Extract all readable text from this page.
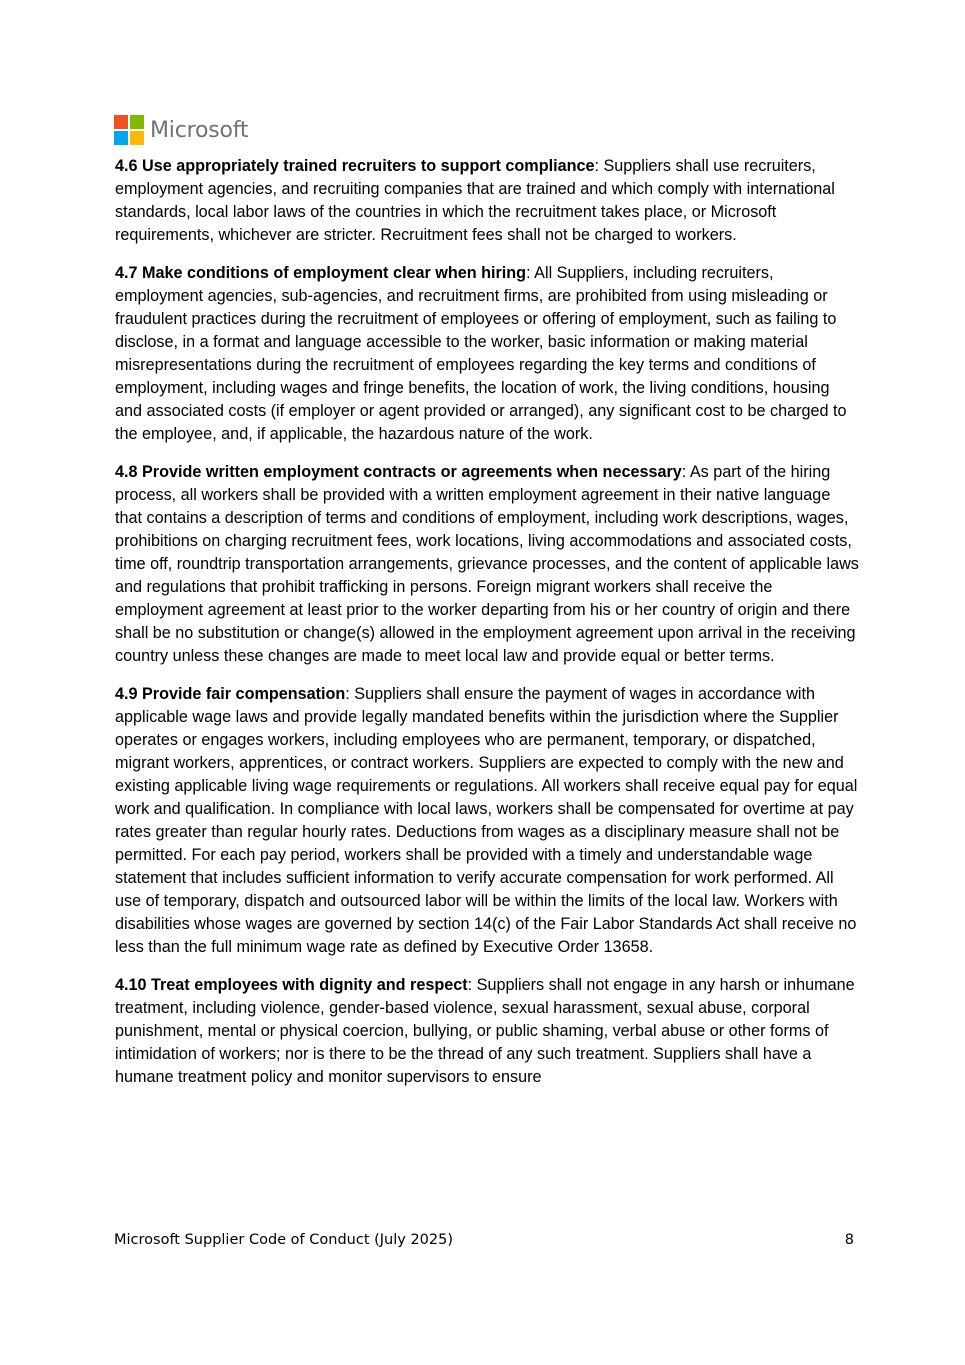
Microsoft

4.6 Use appropriately trained recruiters to support compliance: Suppliers shall use recruiters, employment agencies, and recruiting companies that are trained and which comply with international standards, local labor laws of the countries in which the recruitment takes place, or Microsoft requirements, whichever are stricter. Recruitment fees shall not be charged to workers.

4.7 Make conditions of employment clear when hiring: All Suppliers, including recruiters, employment agencies, sub-agencies, and recruitment firms, are prohibited from using misleading or fraudulent practices during the recruitment of employees or offering of employment, such as failing to disclose, in a format and language accessible to the worker, basic information or making material misrepresentations during the recruitment of employees regarding the key terms and conditions of employment, including wages and fringe benefits, the location of work, the living conditions, housing and associated costs (if employer or agent provided or arranged), any significant cost to be charged to the employee, and, if applicable, the hazardous nature of the work.

4.8 Provide written employment contracts or agreements when necessary: As part of the hiring process, all workers shall be provided with a written employment agreement in their native language that contains a description of terms and conditions of employment, including work descriptions, wages, prohibitions on charging recruitment fees, work locations, living accommodations and associated costs, time off, roundtrip transportation arrangements, grievance processes, and the content of applicable laws and regulations that prohibit trafficking in persons. Foreign migrant workers shall receive the employment agreement at least prior to the worker departing from his or her country of origin and there shall be no substitution or change(s) allowed in the employment agreement upon arrival in the receiving country unless these changes are made to meet local law and provide equal or better terms.

4.9 Provide fair compensation: Suppliers shall ensure the payment of wages in accordance with applicable wage laws and provide legally mandated benefits within the jurisdiction where the Supplier operates or engages workers, including employees who are permanent, temporary, or dispatched, migrant workers, apprentices, or contract workers. Suppliers are expected to comply with the new and existing applicable living wage requirements or regulations. All workers shall receive equal pay for equal work and qualification. In compliance with local laws, workers shall be compensated for overtime at pay rates greater than regular hourly rates. Deductions from wages as a disciplinary measure shall not be permitted. For each pay period, workers shall be provided with a timely and understandable wage statement that includes sufficient information to verify accurate compensation for work performed. All use of temporary, dispatch and outsourced labor will be within the limits of the local law. Workers with disabilities whose wages are governed by section 14(c) of the Fair Labor Standards Act shall receive no less than the full minimum wage rate as defined by Executive Order 13658.

4.10 Treat employees with dignity and respect: Suppliers shall not engage in any harsh or inhumane treatment, including violence, gender-based violence, sexual harassment, sexual abuse, corporal punishment, mental or physical coercion, bullying, or public shaming, verbal abuse or other forms of intimidation of workers; nor is there to be the thread of any such treatment. Suppliers shall have a humane treatment policy and monitor supervisors to ensure

Microsoft Supplier Code of Conduct (July 2025)	8
